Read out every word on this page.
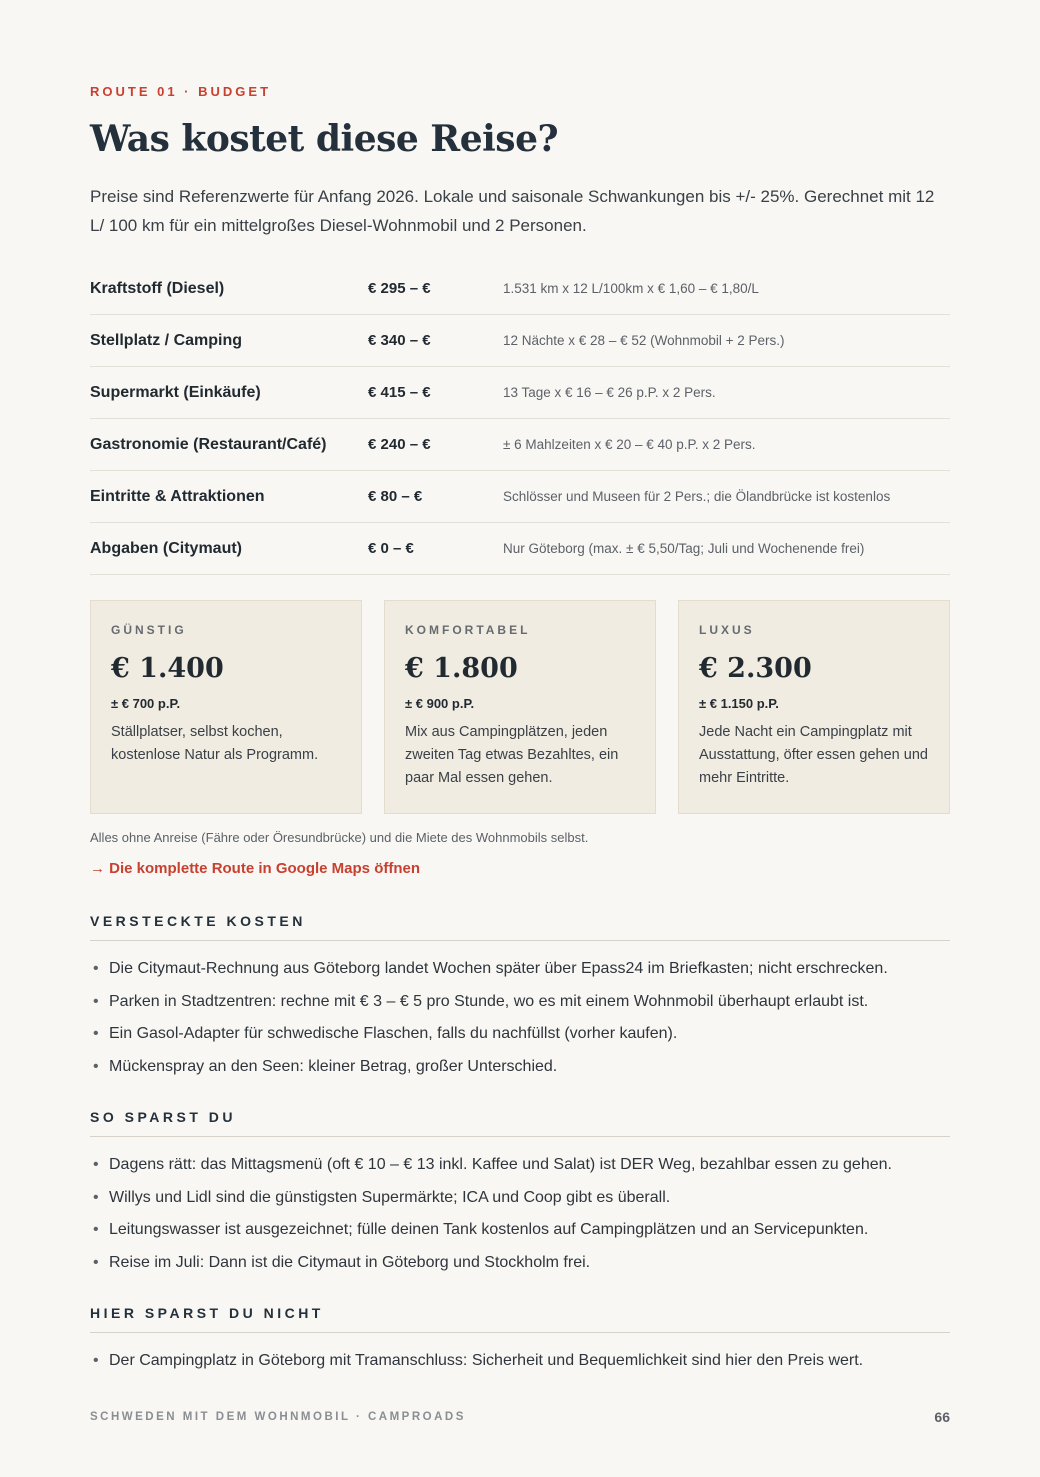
ROUTE 01 · BUDGET
Was kostet diese Reise?

Preise sind Referenzwerte für Anfang 2026. Lokale und saisonale Schwankungen bis +/- 25%. Gerechnet mit 12 L/ 100 km für ein mittelgroßes Diesel-Wohnmobil und 2 Personen.

Kraftstoff (Diesel)	€ 295 – €	1.531 km x 12 L/100km x € 1,60 – € 1,80/L
Stellplatz / Camping	€ 340 – €	12 Nächte x € 28 – € 52 (Wohnmobil + 2 Pers.)
Supermarkt (Einkäufe)	€ 415 – €	13 Tage x € 16 – € 26 p.P. x 2 Pers.
Gastronomie (Restaurant/Café)	€ 240 – €	± 6 Mahlzeiten x € 20 – € 40 p.P. x 2 Pers.
Eintritte & Attraktionen	€ 80 – €	Schlösser und Museen für 2 Pers.; die Ölandbrücke ist kostenlos
Abgaben (Citymaut)	€ 0 – €	Nur Göteborg (max. ± € 5,50/Tag; Juli und Wochenende frei)
GÜNSTIG
€ 1.400
± € 700 p.P.
Ställplatser, selbst kochen, kostenlose Natur als Programm.
KOMFORTABEL
€ 1.800
± € 900 p.P.
Mix aus Campingplätzen, jeden zweiten Tag etwas Bezahltes, ein paar Mal essen gehen.
LUXUS
€ 2.300
± € 1.150 p.P.
Jede Nacht ein Campingplatz mit Ausstattung, öfter essen gehen und mehr Eintritte.
Alles ohne Anreise (Fähre oder Öresundbrücke) und die Miete des Wohnmobils selbst.
→ Die komplette Route in Google Maps öffnen
VERSTECKTE KOSTEN
• Die Citymaut-Rechnung aus Göteborg landet Wochen später über Epass24 im Briefkasten; nicht erschrecken.
• Parken in Stadtzentren: rechne mit € 3 – € 5 pro Stunde, wo es mit einem Wohnmobil überhaupt erlaubt ist.
• Ein Gasol-Adapter für schwedische Flaschen, falls du nachfüllst (vorher kaufen).
• Mückenspray an den Seen: kleiner Betrag, großer Unterschied.
SO SPARST DU
• Dagens rätt: das Mittagsmenü (oft € 10 – € 13 inkl. Kaffee und Salat) ist DER Weg, bezahlbar essen zu gehen.
• Willys und Lidl sind die günstigsten Supermärkte; ICA und Coop gibt es überall.
• Leitungswasser ist ausgezeichnet; fülle deinen Tank kostenlos auf Campingplätzen und an Servicepunkten.
• Reise im Juli: Dann ist die Citymaut in Göteborg und Stockholm frei.
HIER SPARST DU NICHT
• Der Campingplatz in Göteborg mit Tramanschluss: Sicherheit und Bequemlichkeit sind hier den Preis wert.
SCHWEDEN MIT DEM WOHNMOBIL · CAMPROADS	66
